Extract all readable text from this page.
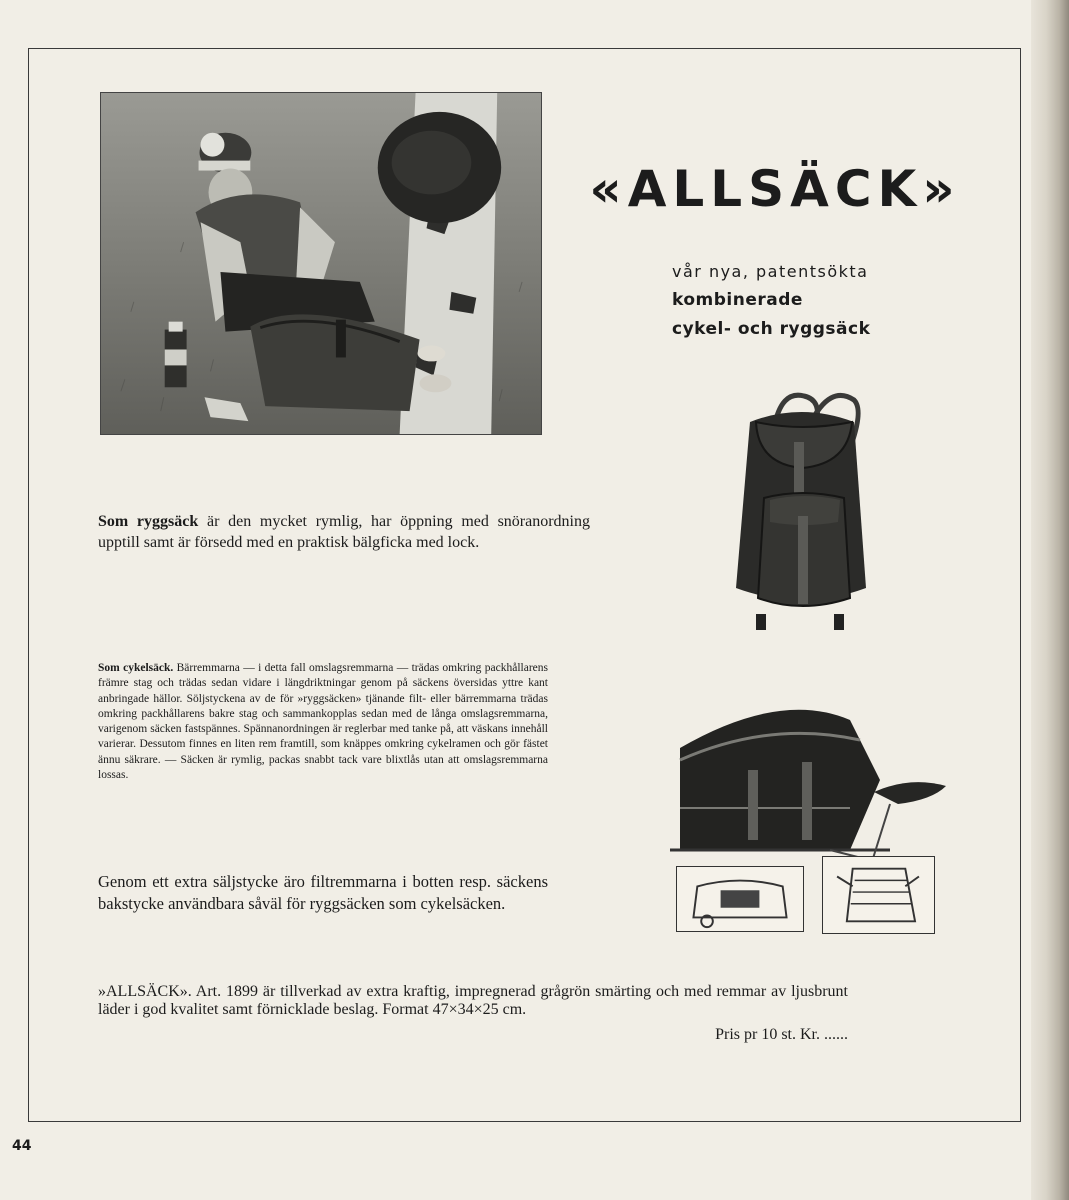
«ALLSÄCK»
vår nya, patentsökta
kombinerade
cykel- och ryggsäck

Som ryggsäck är den mycket rymlig, har öppning med snöranordning upptill samt är försedd med en praktisk bälgficka med lock.

Som cykelsäck. Bärremmarna — i detta fall omslagsremmarna — trädas omkring packhållarens främre stag och trädas sedan vidare i längdriktningar genom på säckens översidas yttre kant anbringade hällor. Söljstyckena av de för »ryggsäcken» tjänande filt- eller bärremmarna trädas omkring packhållarens bakre stag och sammankopplas sedan med de långa omslagsremmarna, varigenom säcken fastspännes. Spännanordningen är reglerbar med tanke på, att väskans innehåll varierar. Dessutom finnes en liten rem framtill, som knäppes omkring cykelramen och gör fästet ännu säkrare. — Säcken är rymlig, packas snabbt tack vare blixtlås utan att omslagsremmarna lossas.

Genom ett extra säljstycke äro filtremmarna i botten resp. säckens bakstycke användbara såväl för ryggsäcken som cykelsäcken.

»ALLSÄCK». Art. 1899 är tillverkad av extra kraftig, impregnerad grågrön smärting och med remmar av ljusbrunt läder i god kvalitet samt förnicklade beslag. Format 47×34×25 cm.

Pris pr 10 st. Kr. ......
44
